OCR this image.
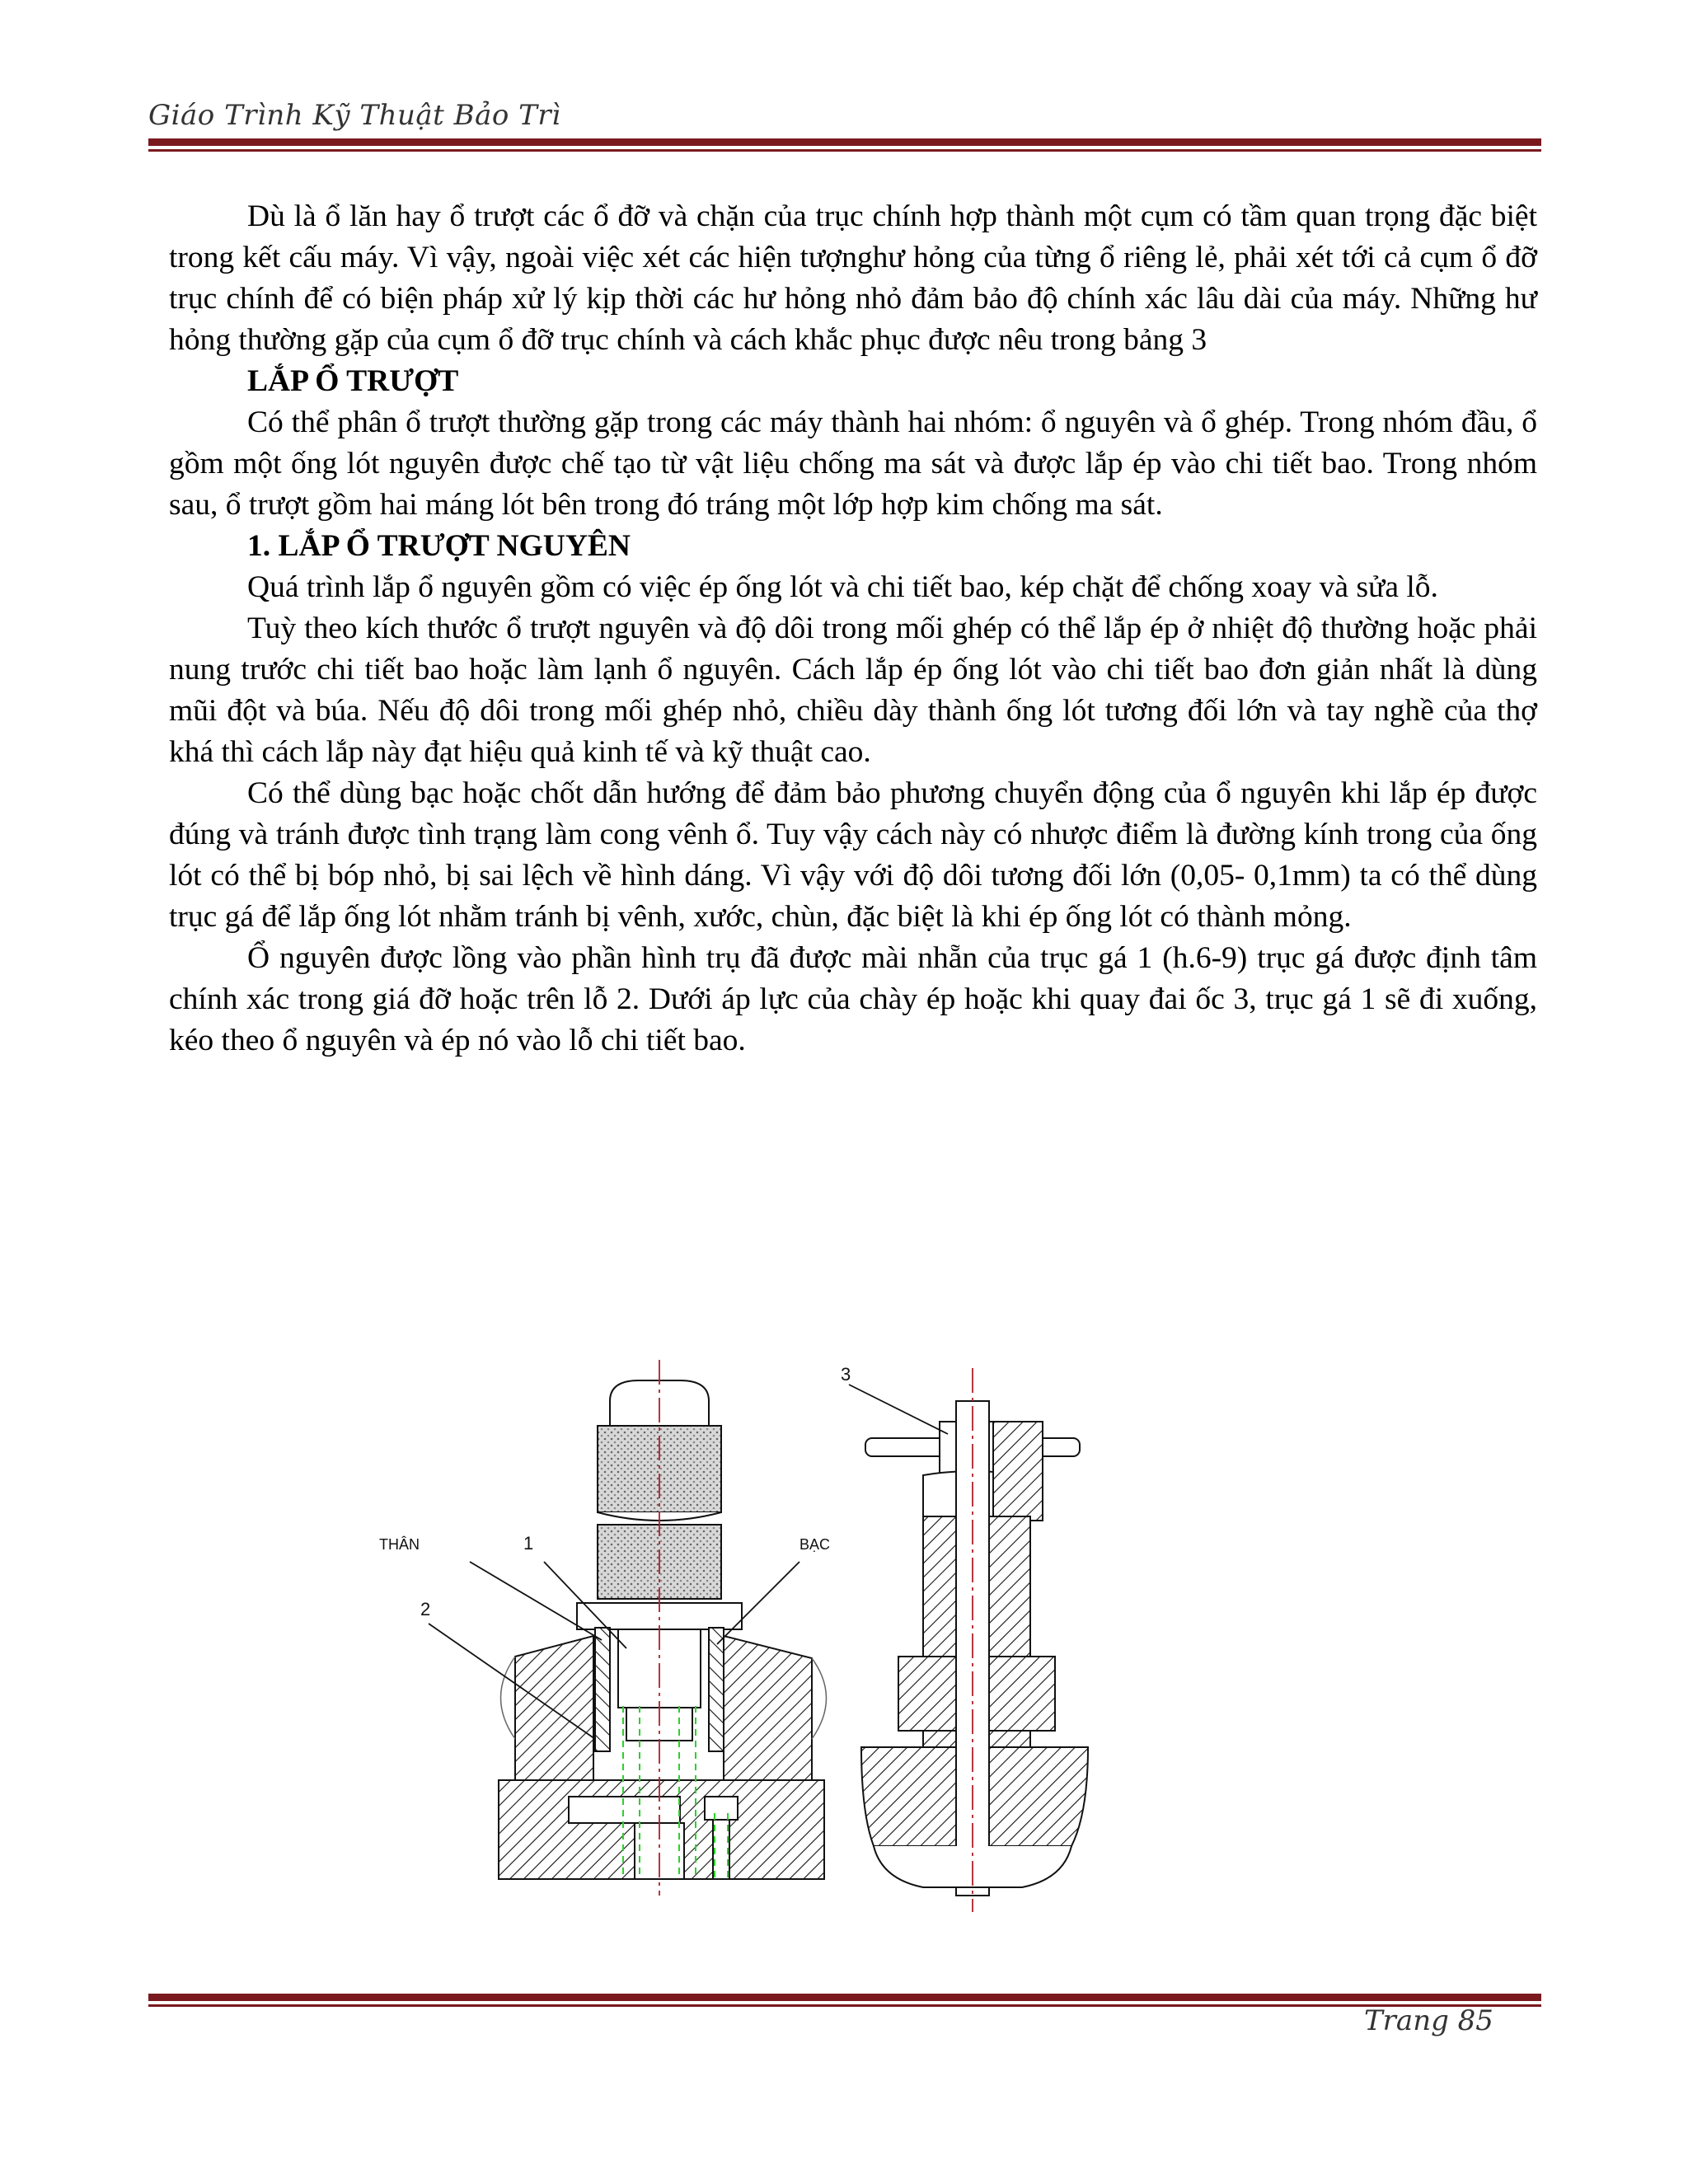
Giáo Trình Kỹ Thuật Bảo Trì

Dù là ổ lăn hay ổ trượt các ổ đỡ và chặn của trục chính hợp thành một cụm có tầm quan trọng đặc biệt trong kết cấu máy. Vì vậy, ngoài việc xét các hiện tượnghư hỏng của từng ổ riêng lẻ, phải xét tới cả cụm ổ đỡ trục chính để có biện pháp xử lý kịp thời các hư hỏng nhỏ đảm bảo độ chính xác lâu dài của máy. Những hư hỏng thường gặp của cụm ổ đỡ trục chính và cách khắc phục được nêu trong bảng 3

LẮP Ổ TRƯỢT

Có thể phân ổ trượt thường gặp trong các máy thành hai nhóm: ổ nguyên và ổ ghép. Trong nhóm đầu, ổ gồm một ống lót nguyên được chế tạo từ vật liệu chống ma sát và được lắp ép vào chi tiết bao. Trong nhóm sau, ổ trượt gồm hai máng lót bên trong đó tráng một lớp hợp kim chống ma sát.

1. LẮP Ổ TRƯỢT NGUYÊN

Quá trình lắp ổ nguyên gồm có việc ép ống lót và chi tiết bao, kép chặt để chống xoay và sửa lỗ.

Tuỳ theo kích thước ổ trượt nguyên và độ dôi trong mối ghép có thể lắp ép ở nhiệt độ thường hoặc phải nung trước chi tiết bao hoặc làm lạnh ổ nguyên. Cách lắp ép ống lót vào chi tiết bao đơn giản nhất là dùng mũi đột và búa. Nếu độ dôi trong mối ghép nhỏ, chiều dày thành ống lót tương đối lớn và tay nghề của thợ khá thì cách lắp này đạt hiệu quả kinh tế và kỹ thuật cao.

Có thể dùng bạc hoặc chốt dẫn hướng để đảm bảo phương chuyển động của ổ nguyên khi lắp ép được đúng và tránh được tình trạng làm cong vênh ổ. Tuy vậy cách này có nhược điểm là đường kính trong của ống lót có thể bị bóp nhỏ, bị sai lệch về hình dáng. Vì vậy với độ dôi tương đối lớn (0,05- 0,1mm) ta có thể dùng trục gá để lắp ống lót nhằm tránh bị vênh, xước, chùn, đặc biệt là khi ép ống lót có thành mỏng.

Ổ nguyên được lồng vào phần hình trụ đã được mài nhẵn của trục gá 1 (h.6-9) trục gá được định tâm chính xác trong giá đỡ hoặc trên lỗ 2. Dưới áp lực của chày ép hoặc khi quay đai ốc 3, trục gá 1 sẽ đi xuống, kéo theo ổ nguyên và ép nó vào lỗ chi tiết bao.

THÂN	1
2
BẠC
3
Trang 85
